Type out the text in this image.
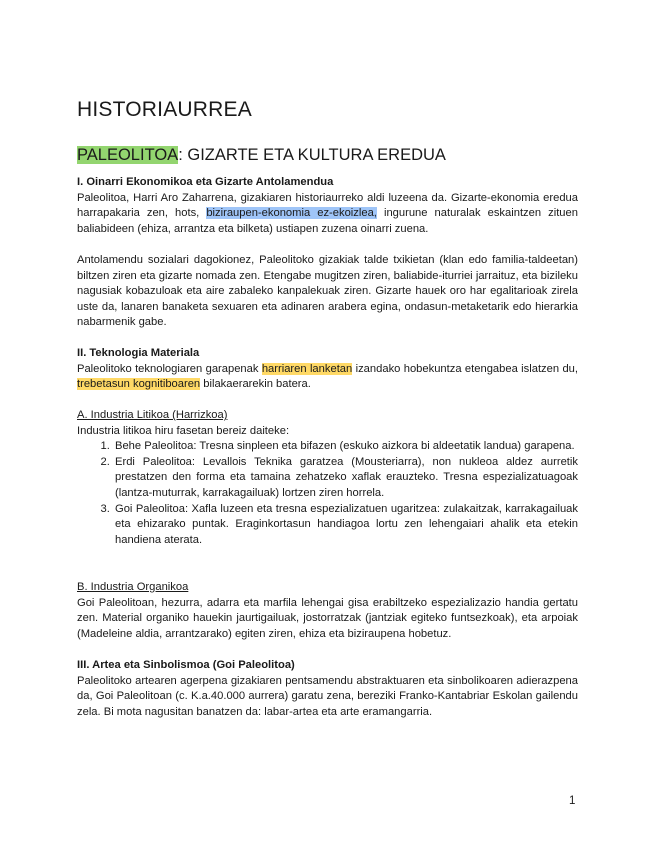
HISTORIAURREA
PALEOLITOA: GIZARTE ETA KULTURA EREDUA

I. Oinarri Ekonomikoa eta Gizarte Antolamendua

Paleolitoa, Harri Aro Zaharrena, gizakiaren historiaurreko aldi luzeena da. Gizarte-ekonomia eredua harrapakaria zen, hots, biziraupen-ekonomia ez-ekoizlea, ingurune naturalak eskaintzen zituen baliabideen (ehiza, arrantza eta bilketa) ustiapen zuzena oinarri zuena.

Antolamendu sozialari dagokionez, Paleolitoko gizakiak talde txikietan (klan edo familia-taldeetan) biltzen ziren eta gizarte nomada zen. Etengabe mugitzen ziren, baliabide-iturriei jarraituz, eta bizileku nagusiak kobazuloak eta aire zabaleko kanpalekuak ziren. Gizarte hauek oro har egalitarioak zirela uste da, lanaren banaketa sexuaren eta adinaren arabera egina, ondasun-metaketarik edo hierarkia nabarmenik gabe.

II. Teknologia Materiala

Paleolitoko teknologiaren garapenak harriaren lanketan izandako hobekuntza etengabea islatzen du, trebetasun kognitiboaren bilakaerarekin batera.

A. Industria Litikoa (Harrizkoa)

Industria litikoa hiru fasetan bereiz daiteke:

1. Behe Paleolitoa: Tresna sinpleen eta bifazen (eskuko aizkora bi aldeetatik landua) garapena.
2. Erdi Paleolitoa: Levallois Teknika garatzea (Mousteriarra), non nukleoa aldez aurretik prestatzen den forma eta tamaina zehatzeko xaflak erauzteko. Tresna espezializatuagoak (lantza-muturrak, karrakagailuak) lortzen ziren horrela.
3. Goi Paleolitoa: Xafla luzeen eta tresna espezializatuen ugaritzea: zulakaitzak, karrakagailuak eta ehizarako puntak. Eraginkortasun handiagoa lortu zen lehengaiari ahalik eta etekin handiena aterata.

B. Industria Organikoa

Goi Paleolitoan, hezurra, adarra eta marfila lehengai gisa erabiltzeko espezializazio handia gertatu zen. Material organiko hauekin jaurtigailuak, jostorratzak (jantziak egiteko funtsezkoak), eta arpoiak (Madeleine aldia, arrantzarako) egiten ziren, ehiza eta biziraupena hobetuz.

III. Artea eta Sinbolismoa (Goi Paleolitoa)

Paleolitoko artearen agerpena gizakiaren pentsamendu abstraktuaren eta sinbolikoaren adierazpena da, Goi Paleolitoan (c. K.a.40.000 aurrera) garatu zena, bereziki Franko-Kantabriar Eskolan gailendu zela. Bi mota nagusitan banatzen da: labar-artea eta arte eramangarria.

1
